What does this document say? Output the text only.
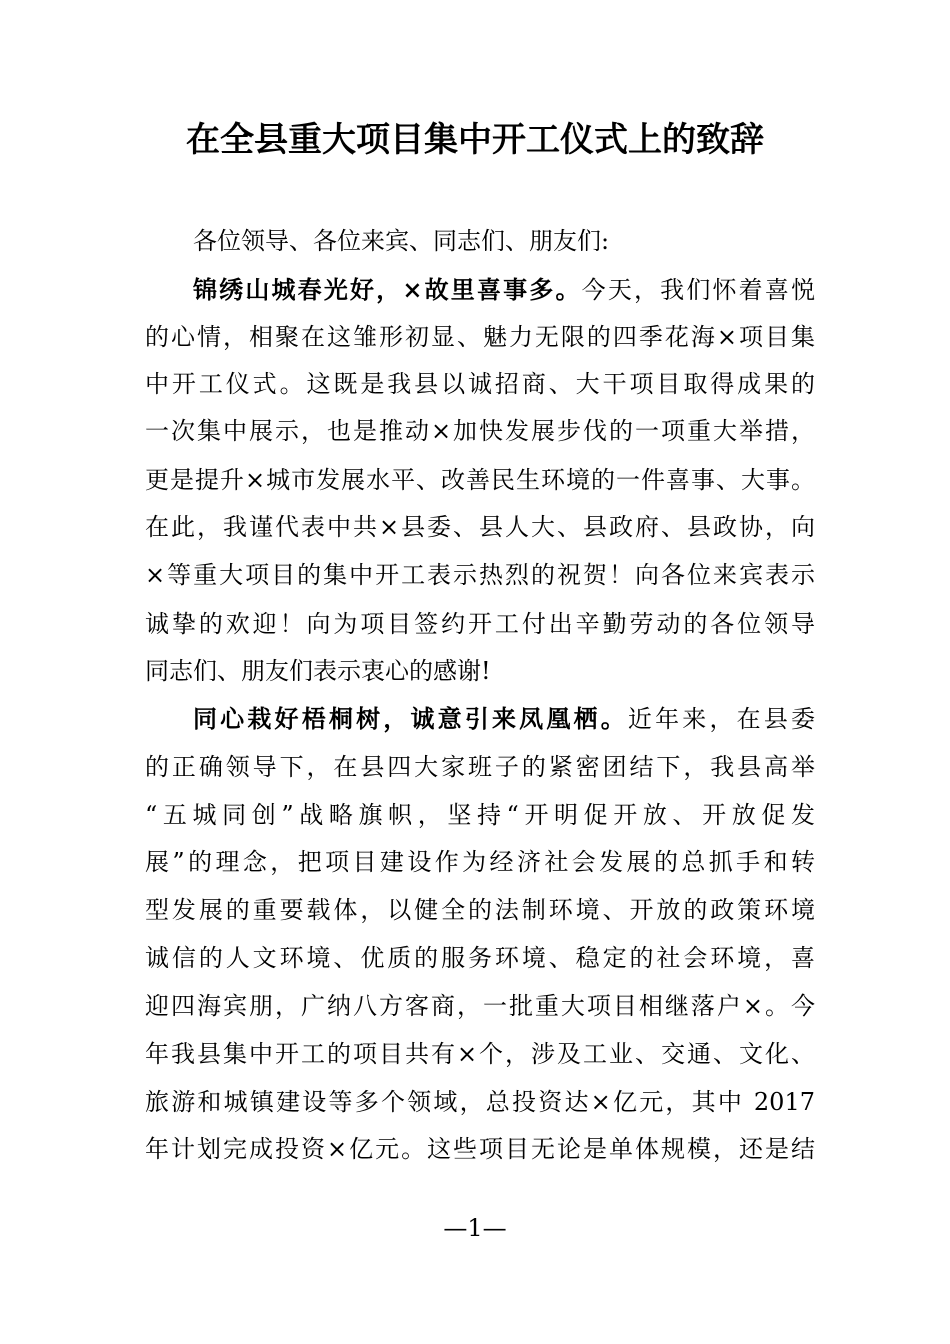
在全县重大项目集中开工仪式上的致辞
各位领导、各位来宾、同志们、朋友们:
锦绣山城春光好，×故里喜事多。今天，我们怀着喜悦
的心情，相聚在这雏形初显、魅力无限的四季花海×项目集
中开工仪式。这既是我县以诚招商、大干项目取得成果的
一次集中展示，也是推动×加快发展步伐的一项重大举措，
更是提升×城市发展水平、改善民生环境的一件喜事、大事。
在此，我谨代表中共×县委、县人大、县政府、县政协，向
×等重大项目的集中开工表示热烈的祝贺！向各位来宾表示
诚挚的欢迎！向为项目签约开工付出辛勤劳动的各位领导
同志们、朋友们表示衷心的感谢!
同心栽好梧桐树，诚意引来凤凰栖。近年来，在县委
的正确领导下，在县四大家班子的紧密团结下，我县高举
“五城同创”战略旗帜，坚持“开明促开放、开放促发
展”的理念，把项目建设作为经济社会发展的总抓手和转
型发展的重要载体，以健全的法制环境、开放的政策环境
诚信的人文环境、优质的服务环境、稳定的社会环境，喜
迎四海宾朋，广纳八方客商，一批重大项目相继落户×。今
年我县集中开工的项目共有×个，涉及工业、交通、文化、
旅游和城镇建设等多个领域，总投资达×亿元，其中 2017
年计划完成投资×亿元。这些项目无论是单体规模，还是结
—1—
